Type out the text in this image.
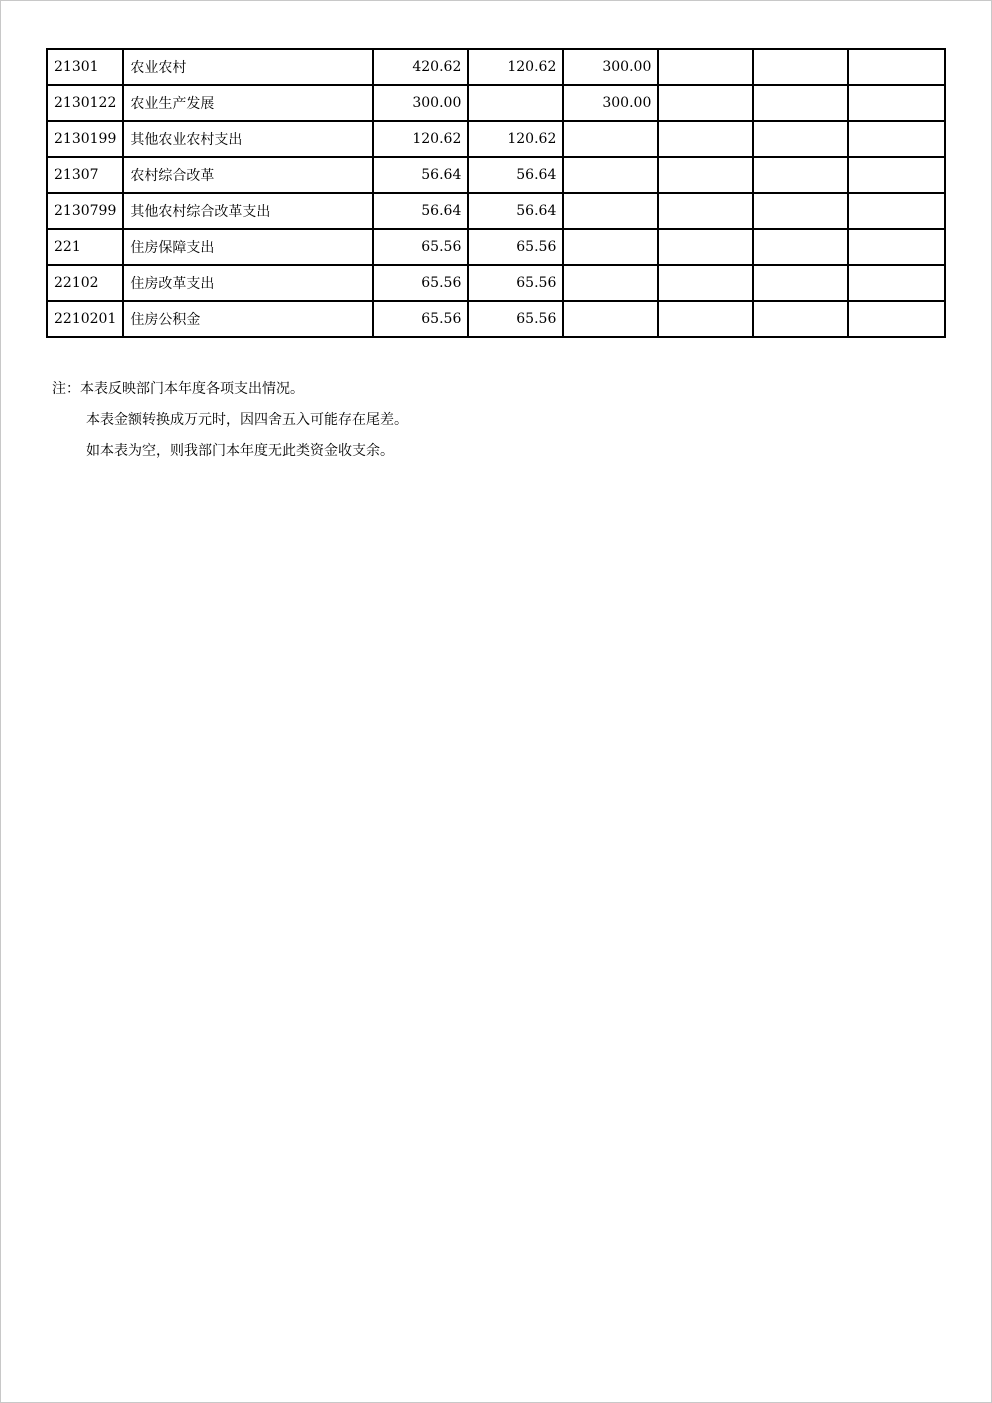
21301	农业农村	420.62	120.62	300.00			
2130122	农业生产发展	300.00		300.00			
2130199	其他农业农村支出	120.62	120.62				
21307	农村综合改革	56.64	56.64				
2130799	其他农村综合改革支出	56.64	56.64				
221	住房保障支出	65.56	65.56				
22102	住房改革支出	65.56	65.56				
2210201	住房公积金	65.56	65.56				
注：本表反映部门本年度各项支出情况。
本表金额转换成万元时，因四舍五入可能存在尾差。
如本表为空，则我部门本年度无此类资金收支余。
